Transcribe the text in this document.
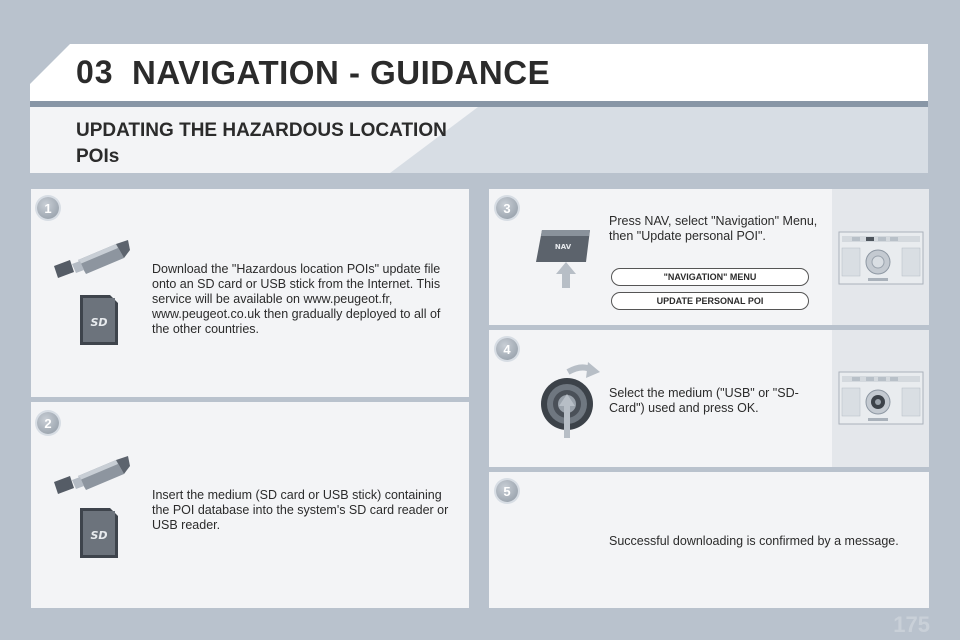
03 NAVIGATION - GUIDANCE
UPDATING THE HAZARDOUS LOCATION POIs
1
2
3
4
5
SD
Download the "Hazardous location POIs" update file onto an SD card or USB stick from the Internet. This service will be available on www.peugeot.fr, www.peugeot.co.uk then gradually deployed to all of the other countries.
SD
Insert the medium (SD card or USB stick) containing the POI database into the system's SD card reader or USB reader.
NAV
Press NAV, select "Navigation" Menu, then "Update personal POI".
"NAVIGATION" MENU
UPDATE PERSONAL POI
Select the medium ("USB" or "SD-Card") used and press OK.
Successful downloading is confirmed by a message.
175
